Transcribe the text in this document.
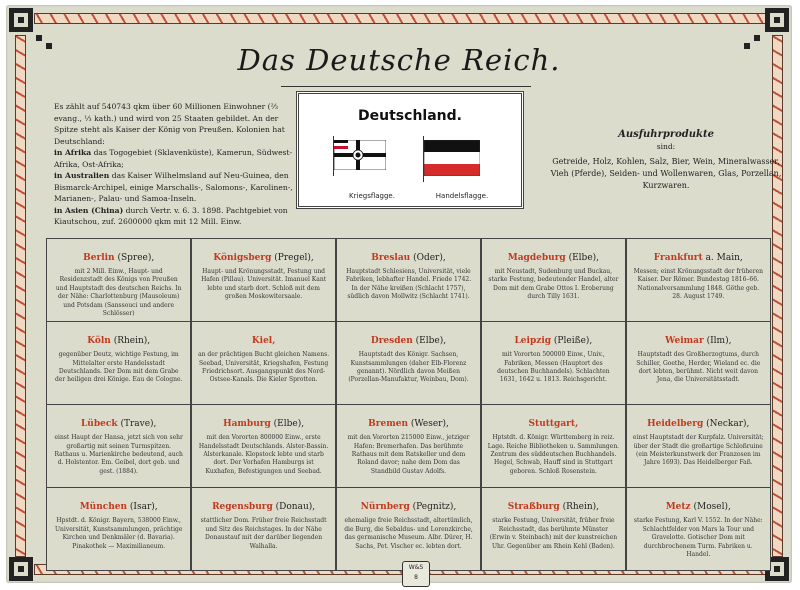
Das Deutsche Reich.

Es zählt auf 540743 qkm über 60 Millionen Einwohner (⅔ evang., ⅓ kath.) und wird von 25 Staaten gebildet. An der Spitze steht als Kaiser der König von Preußen. Kolonien hat Deutschland:

in Afrika das Togogebiet (Sklavenküste), Kamerun, Südwest-Afrika, Ost-Afrika;

in Australien das Kaiser Wilhelmsland auf Neu-Guinea, den Bismarck-Archipel, einige Marschalls-, Salomons-, Karolinen-, Marianen-, Palau- und Samoa-Inseln.

in Asien (China) durch Vertr. v. 6. 3. 1898. Pachtgebiet von Kiautschou, zuf. 2600000 qkm mit 12 Mill. Einw.

Deutschland.
Kriegsflagge.	Handelsflagge.
Ausfuhrprodukte
sind:
Getreide, Holz, Kohlen, Salz, Bier, Wein, Mineralwasser, Vieh (Pferde), Seiden- und Wollenwaren, Glas, Porzellan, Kurzwaren.
Berlin (Spree),
mit 2 Mill. Einw., Haupt- und Residenzstadt des Königs von Preußen und Hauptstadt des deutschen Reichs. In der Nähe: Charlottenburg (Mausoleum) und Potsdam (Sanssouci und andere Schlösser)
Königsberg (Pregel),
Haupt- und Krönungsstadt, Festung und Hafen (Pillau). Universität. Imanuel Kant lebte und starb dort. Schloß mit dem großen Moskowitersaale.
Breslau (Oder),
Hauptstadt Schlesiens, Universität, viele Fabriken, lebhafter Handel. Friede 1742. In der Nähe kreißen (Schlacht 1757), südlich davon Mollwitz (Schlacht 1741).
Magdeburg (Elbe),
mit Neustadt, Sudenburg und Buckau, starke Festung, bedeutender Handel, alter Dom mit dem Grabe Ottos I. Eroberung durch Tilly 1631.
Frankfurt a. Main,
Messen; einst Krönungsstadt der früheren Kaiser. Der Römer. Bundestag 1816–66. Nationalversammlung 1848. Göthe geb. 28. August 1749.
Köln (Rhein),
gegenüber Deutz, wichtige Festung, im Mittelalter erste Handelsstadt Deutschlands. Der Dom mit dem Grabe der heiligen drei Könige. Eau de Cologne.
Kiel,
an der prächtigen Bucht gleichen Namens. Seebad, Universität, Kriegshafen, Festung Friedrichsort. Ausgangspunkt des Nord-Ostsee-Kanals. Die Kieler Sprotten.
Dresden (Elbe),
Hauptstadt des Königr. Sachsen, Kunstsammlungen (daher Elb-Florenz genannt). Nördlich davon Meißen (Porzellan-Manufaktur, Weinbau, Dom).
Leipzig (Pleiße),
mit Vororten 500000 Einw., Univ., Fabriken, Messen (Hauptort des deutschen Buchhandels). Schlachten 1631, 1642 u. 1813. Reichsgericht.
Weimar (Ilm),
Hauptstadt des Großherzogtums, durch Schiller, Goethe, Herder, Wieland ec. die dort lebten, berühmt. Nicht weit davon Jena, die Universitätsstadt.
Lübeck (Trave),
einst Haupt der Hansa, jetzt sich von sehr großartig mit seinen Turmspitzen. Rathaus u. Marienkirche bedeutend, auch d. Holstentor. Em. Geibel, dort geb. und gest. (1884).
Hamburg (Elbe),
mit den Vororten 800000 Einw., erste Handelsstadt Deutschlands. Alster-Bassin. Alsterkanale. Klopstock lebte und starb dort. Der Vorhafen Hamburgs ist Kuxhafen, Befestigungen und Seebad.
Bremen (Weser),
mit den Vororten 215000 Einw., jetziger Hafen: Bremerhafen. Das berühmte Rathaus mit dem Ratskeller und dem Roland davor; nahe dem Dom das Standbild Gustav Adolfs.
Stuttgart,
Hptstdt. d. Königr. Württemberg in reiz. Lage. Reiche Bibliotheken u. Sammlungen. Zentrum des süddeutschen Buchhandels. Hegel, Schwab, Hauff sind in Stuttgart geboren. Schloß Rosenstein.
Heidelberg (Neckar),
einst Hauptstadt der Kurpfalz. Universität; über der Stadt die großartige Schloßruine (ein Meisterkunstwerk der Franzosen im Jahre 1693). Das Heidelberger Faß.
München (Isar),
Hpstdt. d. Königr. Bayern, 538000 Einw., Universität, Kunstsammlungen, prächtige Kirchen und Denkmäler (d. Bavaria). Pinakothek — Maximilianeum.
Regensburg (Donau),
stattlicher Dom. Früher freie Reichsstadt und Sitz des Reichstages. In der Nähe Donaustauf mit der darüber liegenden Walhalla.
Nürnberg (Pegnitz),
ehemalige freie Reichsstadt, altertümlich, die Burg, die Sebaldus- und Lorenzkirche, das germanische Museum. Albr. Dürer, H. Sachs, Pet. Vischer ec. lebten dort.
Straßburg (Rhein),
starke Festung, Universität, früher freie Reichsstadt, das berühmte Münster (Erwin v. Steinbach) mit der kunstreichen Uhr. Gegenüber am Rhein Kehl (Baden).
Metz (Mosel),
starke Festung, Karl V. 1552. In der Nähe: Schlachtfelder von Mars la Tour und Gravelotte. Gotischer Dom mit durchbrochenem Turm. Fabriken u. Handel.
W&S
8
